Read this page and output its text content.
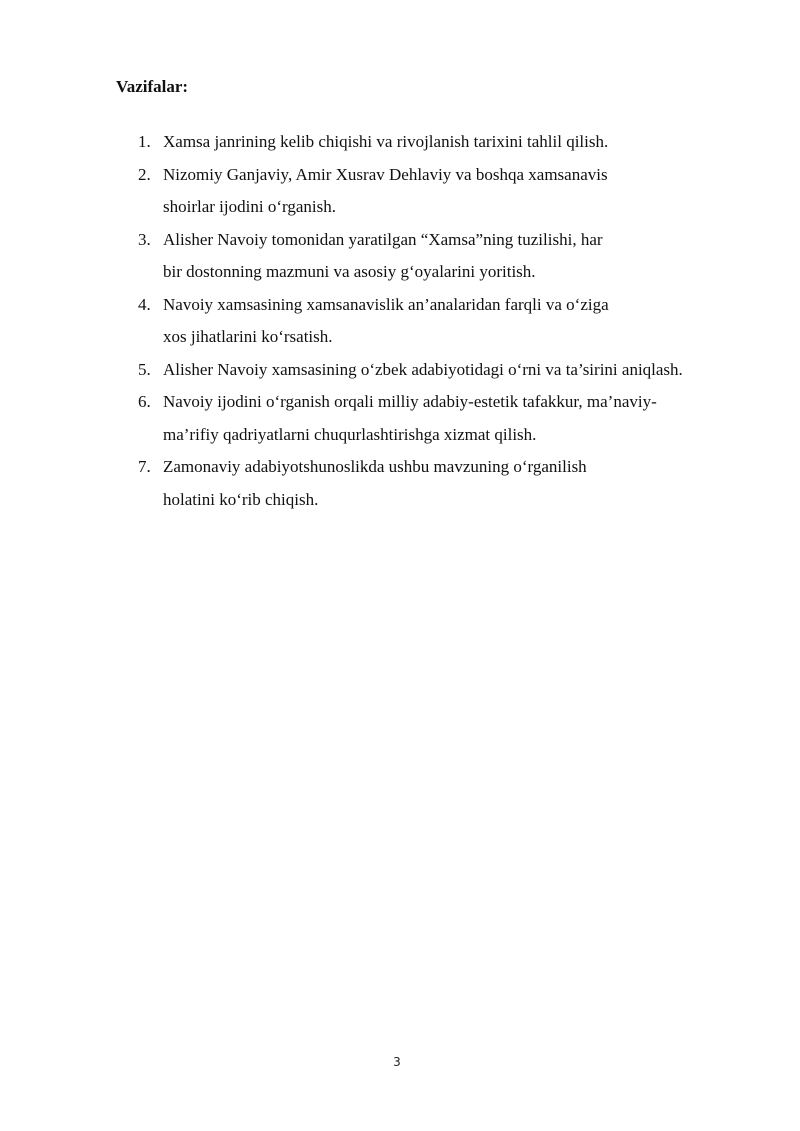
Vazifalar:
1. Xamsa janrining kelib chiqishi va rivojlanish tarixini tahlil qilish.
2. Nizomiy Ganjaviy, Amir Xusrav Dehlaviy va boshqa xamsanavis
shoirlar ijodini o‘rganish.
3. Alisher Navoiy tomonidan yaratilgan “Xamsa”ning tuzilishi, har
bir dostonning mazmuni va asosiy g‘oyalarini yoritish.
4. Navoiy xamsasining xamsanavislik an’analaridan farqli va o‘ziga
xos jihatlarini ko‘rsatish.
5. Alisher Navoiy xamsasining o‘zbek adabiyotidagi o‘rni va ta’sirini aniqlash.
6. Navoiy ijodini o‘rganish orqali milliy adabiy-estetik tafakkur, ma’naviy-
ma’rifiy qadriyatlarni chuqurlashtirishga xizmat qilish.
7. Zamonaviy adabiyotshunoslikda ushbu mavzuning o‘rganilish
holatini ko‘rib chiqish.
3
